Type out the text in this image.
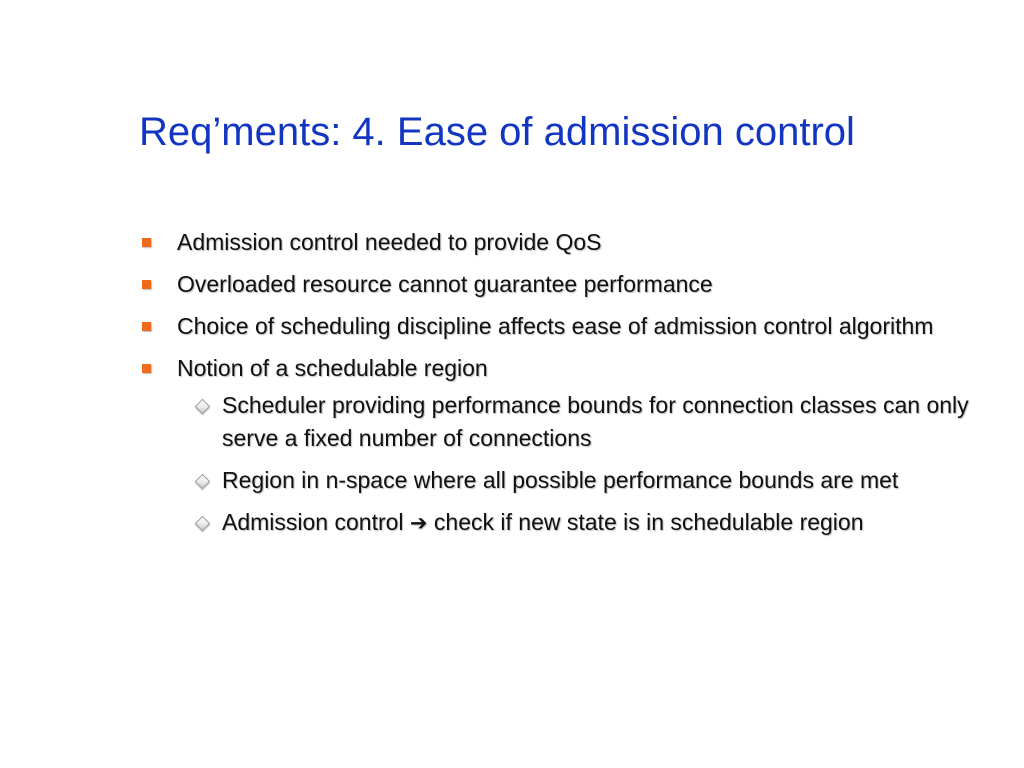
Req’ments: 4. Ease of admission control
Admission control needed to provide QoS
Overloaded resource cannot guarantee performance
Choice of scheduling discipline affects ease of admission control algorithm
Notion of a schedulable region
Scheduler providing performance bounds for connection classes can only serve a fixed number of connections
Region in n-space where all possible performance bounds are met
Admission control ➔ check if new state is in schedulable region
